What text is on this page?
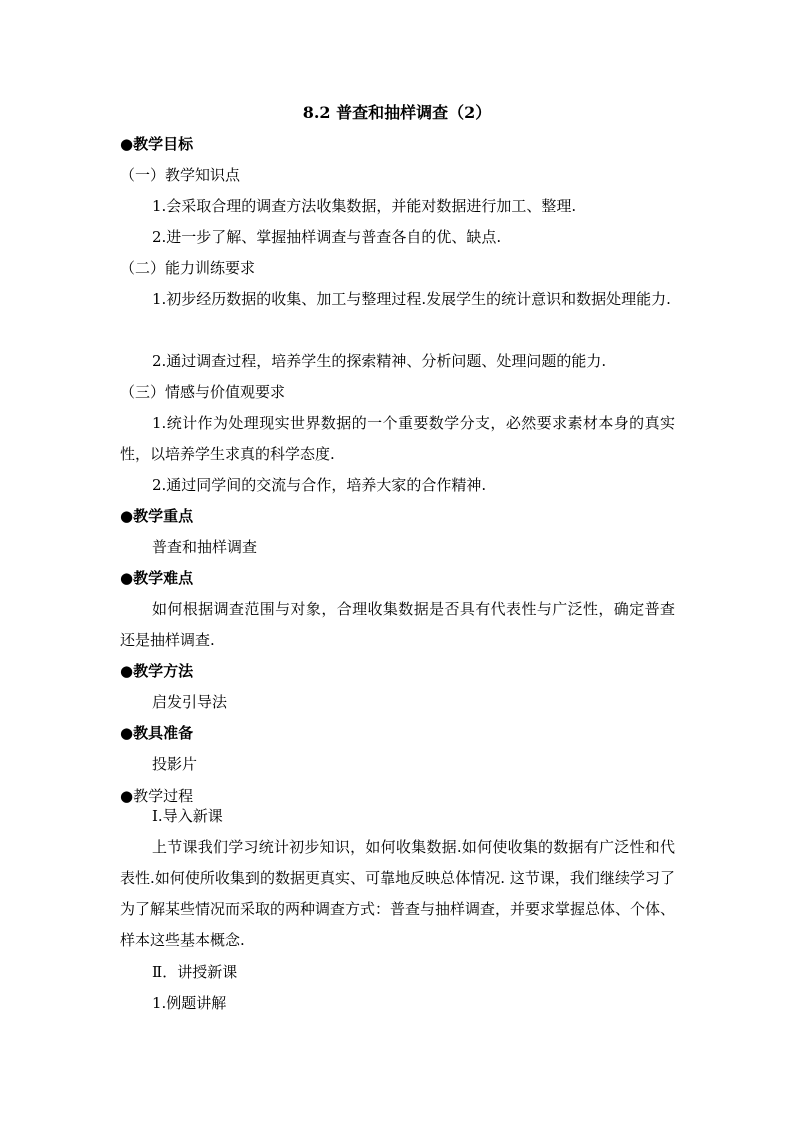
8.2 普查和抽样调查（2）
●教学目标
（一）教学知识点
1.会采取合理的调查方法收集数据，并能对数据进行加工、整理.
2.进一步了解、掌握抽样调查与普查各自的优、缺点.
（二）能力训练要求
1.初步经历数据的收集、加工与整理过程.发展学生的统计意识和数据处理能力.
2.通过调查过程，培养学生的探索精神、分析问题、处理问题的能力.
（三）情感与价值观要求
1.统计作为处理现实世界数据的一个重要数学分支，必然要求素材本身的真实性，以培养学生求真的科学态度.
2.通过同学间的交流与合作，培养大家的合作精神.
●教学重点
普查和抽样调查
●教学难点
如何根据调查范围与对象，合理收集数据是否具有代表性与广泛性，确定普查还是抽样调查.
●教学方法
启发引导法
●教具准备
投影片
●教学过程
Ⅰ.导入新课
上节课我们学习统计初步知识，如何收集数据.如何使收集的数据有广泛性和代表性.如何使所收集到的数据更真实、可靠地反映总体情况. 这节课，我们继续学习了为了解某些情况而采取的两种调查方式：普查与抽样调查，并要求掌握总体、个体、样本这些基本概念.
Ⅱ．讲授新课
1.例题讲解
